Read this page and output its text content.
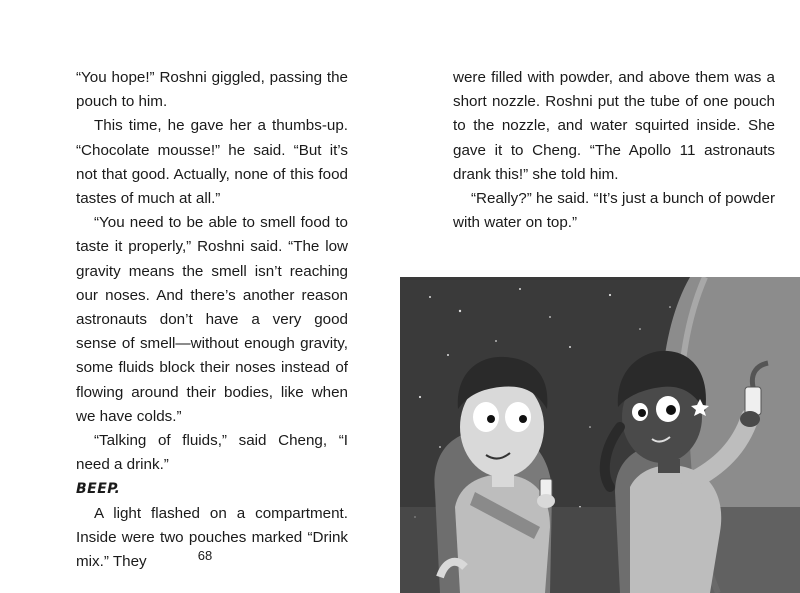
“You hope!” Roshni giggled, passing the pouch to him.

This time, he gave her a thumbs-up. “Chocolate mousse!” he said. “But it’s not that good. Actually, none of this food tastes of much at all.”

“You need to be able to smell food to taste it properly,” Roshni said. “The low gravity means the smell isn’t reaching our noses. And there’s another reason astronauts don’t have a very good sense of smell—without enough gravity, some fluids block their noses instead of flowing around their bodies, like when we have colds.”

“Talking of fluids,” said Cheng, “I need a drink.”

BEEP.

A light flashed on a compartment. Inside were two pouches marked “Drink mix.” They

were filled with powder, and above them was a short nozzle. Roshni put the tube of one pouch to the nozzle, and water squirted inside. She gave it to Cheng. “The Apollo 11 astronauts drank this!” she told him.

“Really?” he said. “It’s just a bunch of powder with water on top.”

68
